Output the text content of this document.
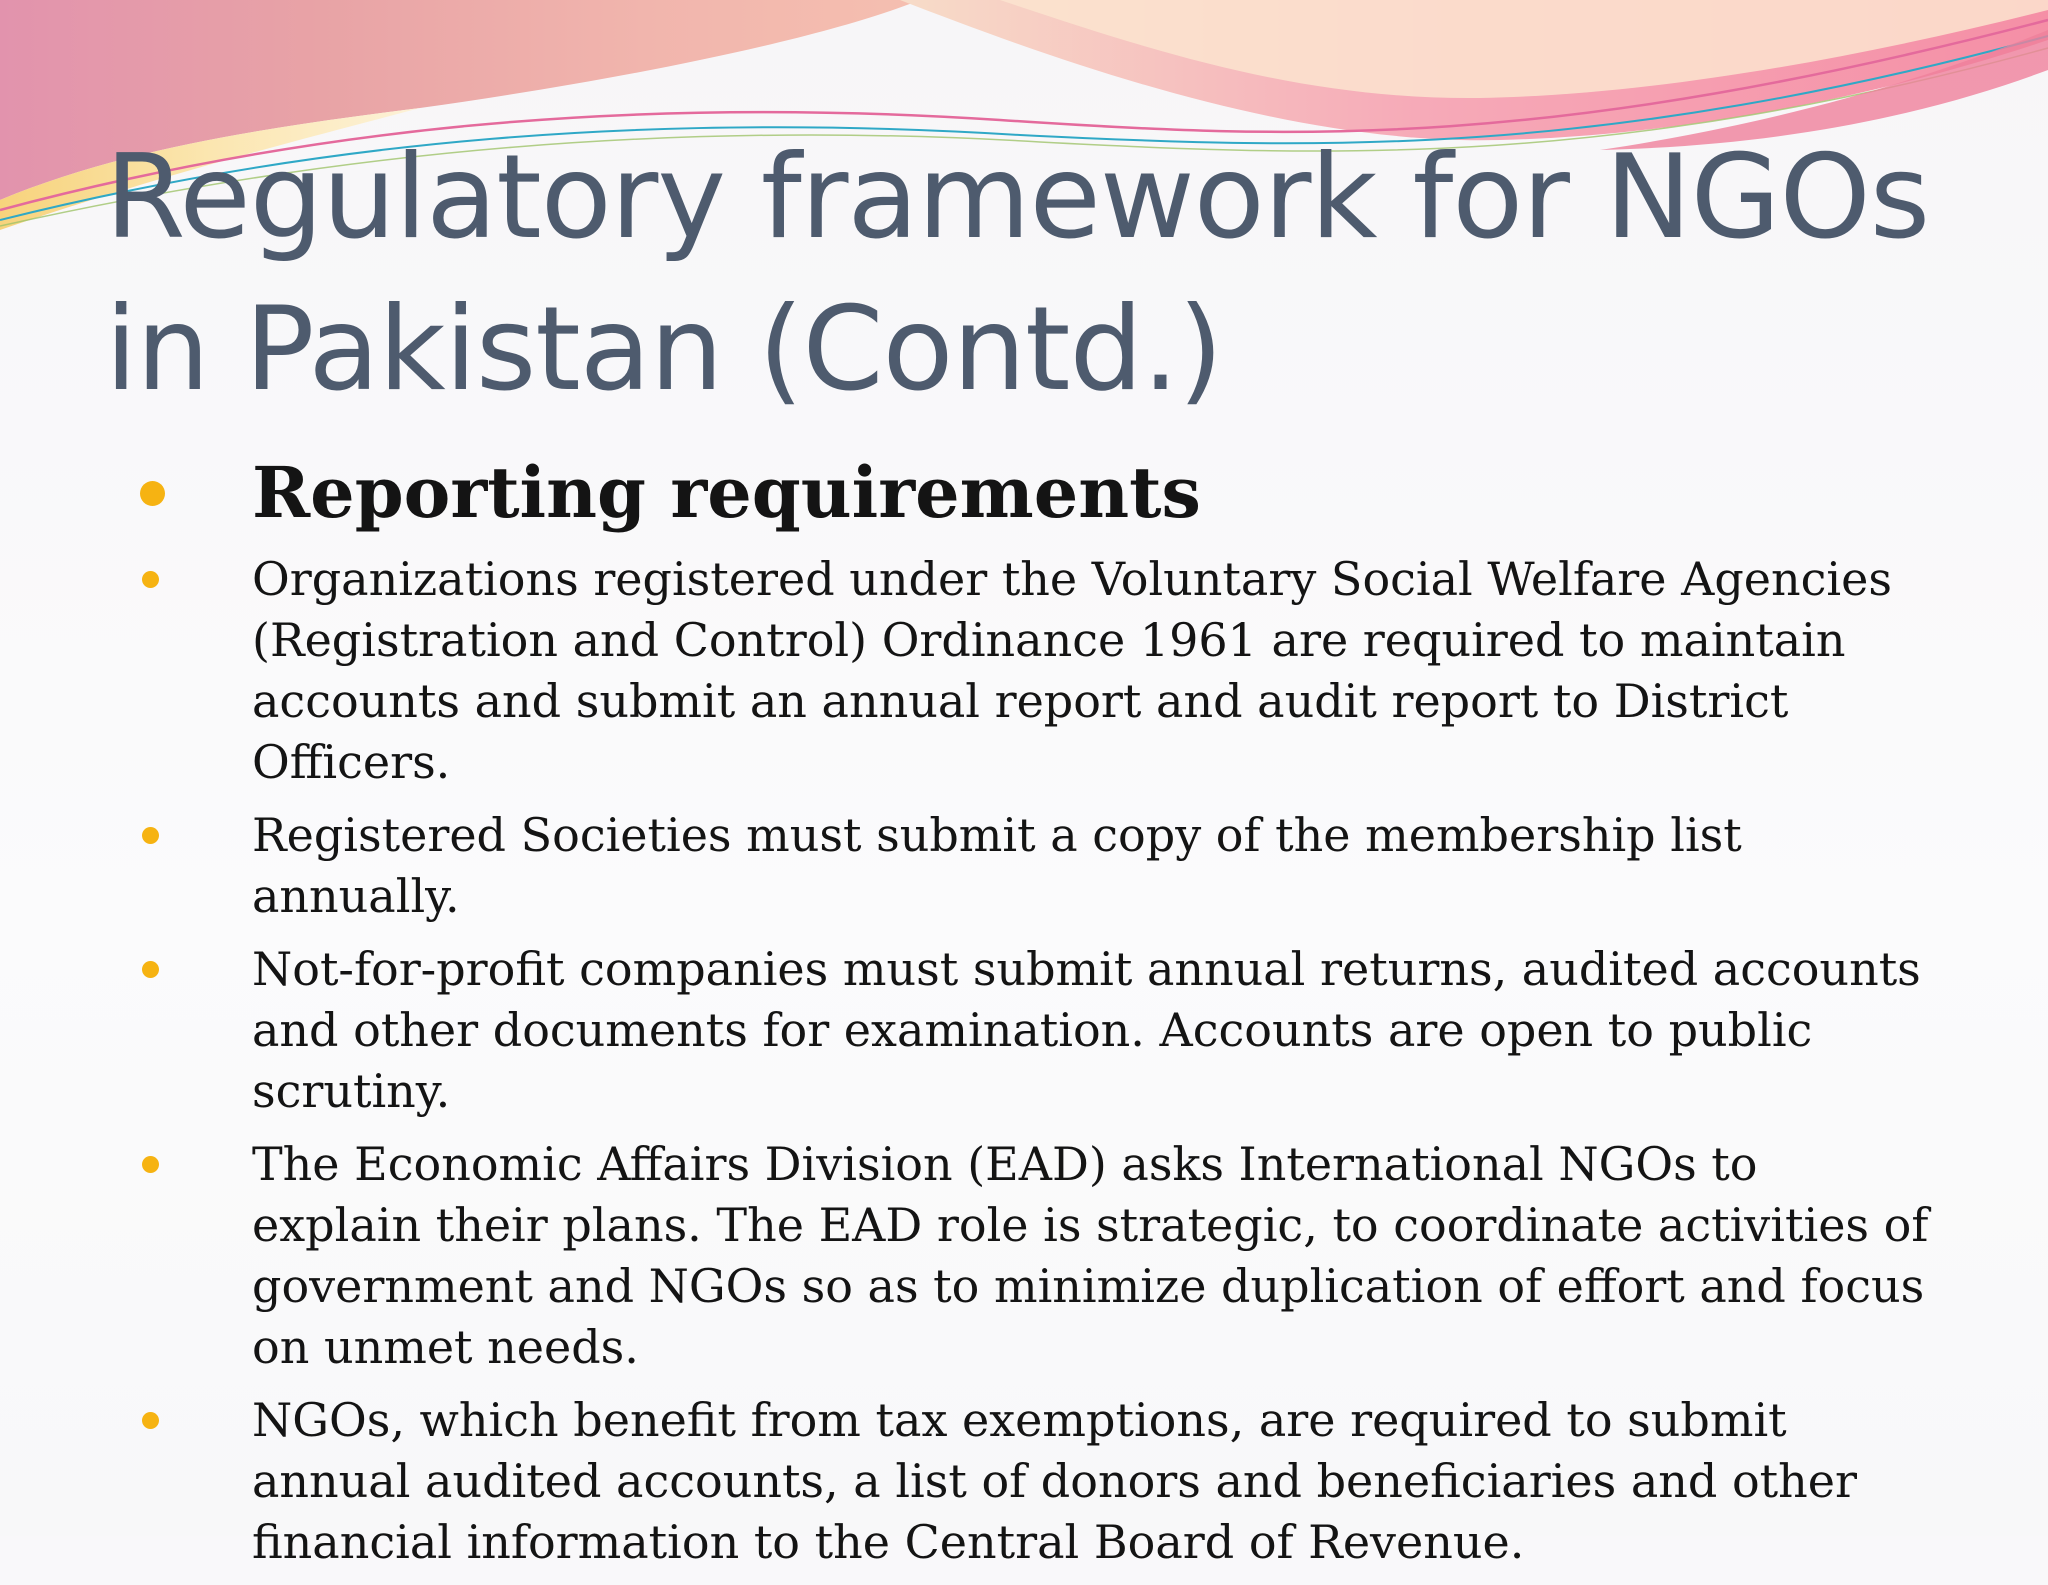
Regulatory framework for NGOs in Pakistan (Contd.)
Reporting requirements
Organizations registered under the Voluntary Social Welfare Agencies (Registration and Control) Ordinance 1961 are required to maintain accounts and submit an annual report and audit report to District Officers.
Registered Societies must submit a copy of the membership list annually.
Not-for-profit companies must submit annual returns, audited accounts and other documents for examination. Accounts are open to public scrutiny.
The Economic Affairs Division (EAD) asks International NGOs to explain their plans. The EAD role is strategic, to coordinate activities of government and NGOs so as to minimize duplication of effort and focus on unmet needs.
NGOs, which benefit from tax exemptions, are required to submit annual audited accounts, a list of donors and beneficiaries and other financial information to the Central Board of Revenue.
